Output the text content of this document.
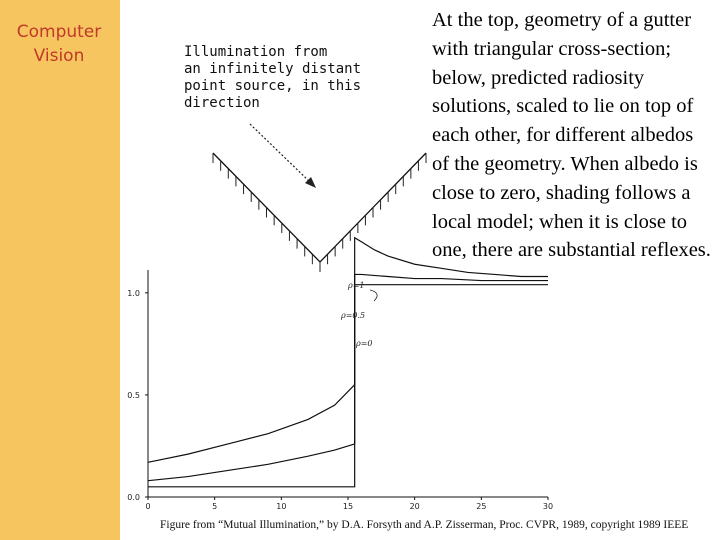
Computer
Vision	Illumination from
an infinitely distant
point source, in this
direction
0	5	10	15	20	25	30
0.0
0.5
1.0
ρ=1
ρ=0.5
ρ=0
At the top, geometry of a gutter with triangular cross-section; below, predicted radiosity solutions, scaled to lie on top of each other, for different albedos of the geometry. When albedo is close to zero, shading follows a local model; when it is close to one, there are substantial reflexes.
Figure from “Mutual Illumination,” by D.A. Forsyth and A.P. Zisserman, Proc. CVPR, 1989, copyright 1989 IEEE
